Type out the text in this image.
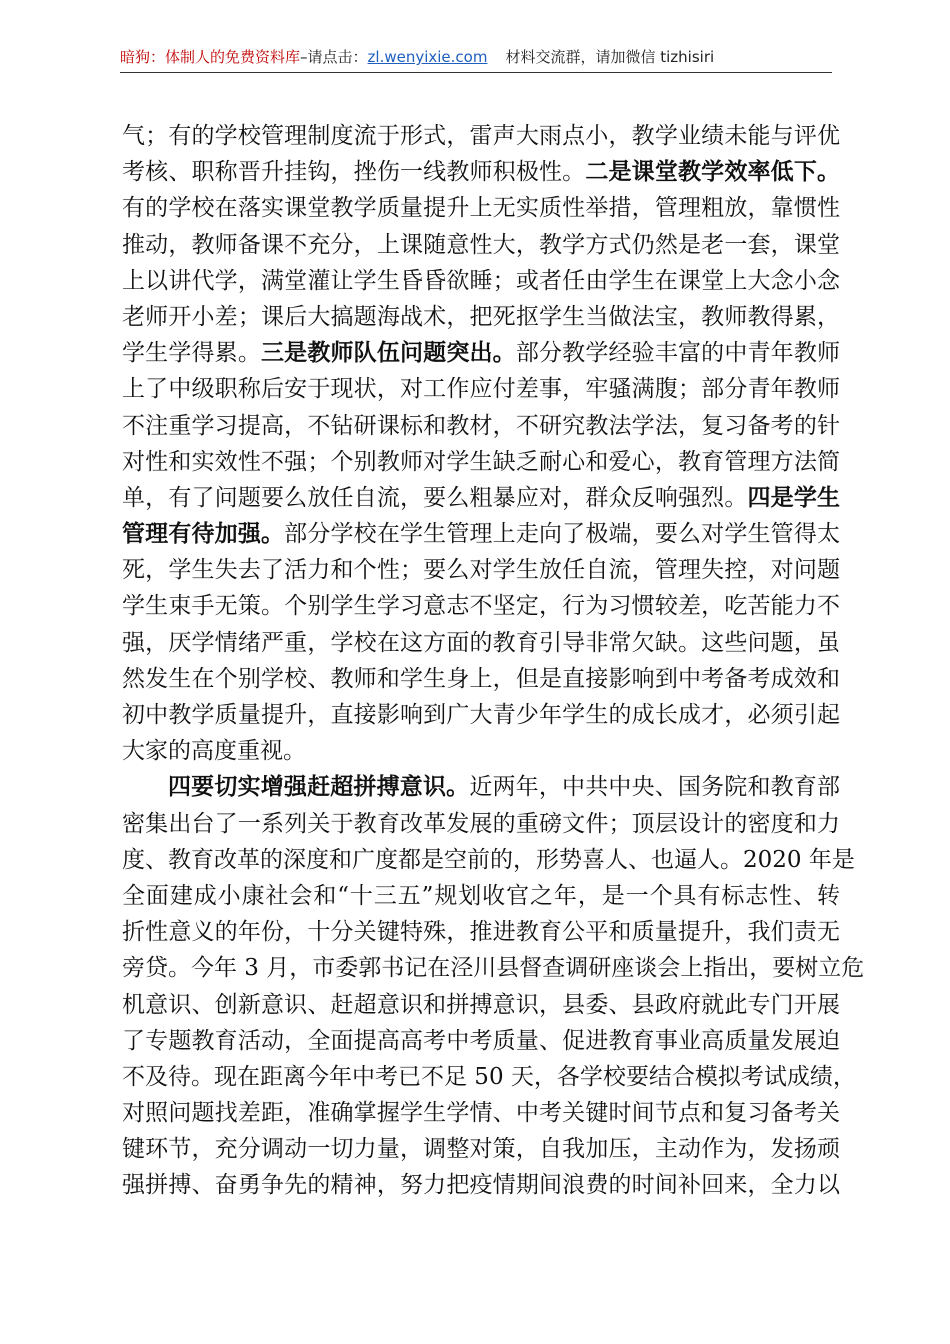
暗狗：体制人的免费资料库 –请点击： zl.wenyixie.com 材料交流群，请加微信 tizhisiri
气；有的学校管理制度流于形式，雷声大雨点小，教学业绩未能与评优
考核、职称晋升挂钩，挫伤一线教师积极性。二是课堂教学效率低下。
有的学校在落实课堂教学质量提升上无实质性举措，管理粗放，靠惯性
推动，教师备课不充分，上课随意性大，教学方式仍然是老一套，课堂
上以讲代学，满堂灌让学生昏昏欲睡；或者任由学生在课堂上大念小念
老师开小差；课后大搞题海战术，把死抠学生当做法宝，教师教得累，
学生学得累。三是教师队伍问题突出。部分教学经验丰富的中青年教师
上了中级职称后安于现状，对工作应付差事，牢骚满腹；部分青年教师
不注重学习提高，不钻研课标和教材，不研究教法学法，复习备考的针
对性和实效性不强；个别教师对学生缺乏耐心和爱心，教育管理方法简
单，有了问题要么放任自流，要么粗暴应对，群众反响强烈。四是学生
管理有待加强。部分学校在学生管理上走向了极端，要么对学生管得太
死，学生失去了活力和个性；要么对学生放任自流，管理失控，对问题
学生束手无策。个别学生学习意志不坚定，行为习惯较差，吃苦能力不
强，厌学情绪严重，学校在这方面的教育引导非常欠缺。这些问题，虽
然发生在个别学校、教师和学生身上，但是直接影响到中考备考成效和
初中教学质量提升，直接影响到广大青少年学生的成长成才，必须引起
大家的高度重视。
四要切实增强赶超拼搏意识。近两年，中共中央、国务院和教育部
密集出台了一系列关于教育改革发展的重磅文件；顶层设计的密度和力
度、教育改革的深度和广度都是空前的，形势喜人、也逼人。2020 年是
全面建成小康社会和“十三五”规划收官之年，是一个具有标志性、转
折性意义的年份，十分关键特殊，推进教育公平和质量提升，我们责无
旁贷。今年 3 月，市委郭书记在泾川县督查调研座谈会上指出，要树立危
机意识、创新意识、赶超意识和拼搏意识，县委、县政府就此专门开展
了专题教育活动，全面提高高考中考质量、促进教育事业高质量发展迫
不及待。现在距离今年中考已不足 50 天，各学校要结合模拟考试成绩，
对照问题找差距，准确掌握学生学情、中考关键时间节点和复习备考关
键环节，充分调动一切力量，调整对策，自我加压，主动作为，发扬顽
强拼搏、奋勇争先的精神，努力把疫情期间浪费的时间补回来，全力以
